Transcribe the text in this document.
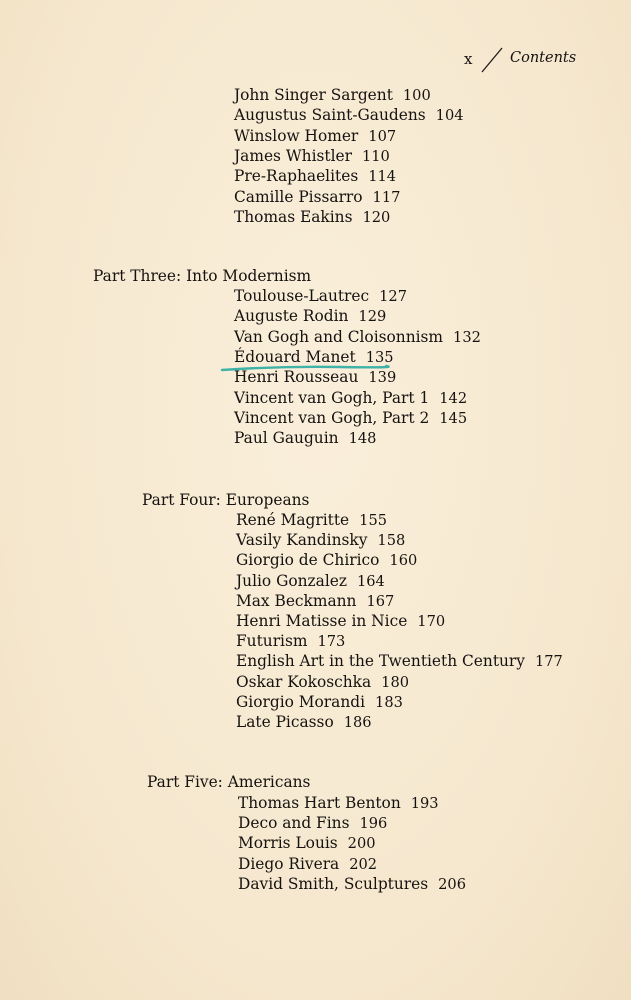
x	Contents
John Singer Sargent 100
Augustus Saint-Gaudens 104
Winslow Homer 107
James Whistler 110
Pre-Raphaelites 114
Camille Pissarro 117
Thomas Eakins 120
Part Three: Into Modernism
Toulouse-Lautrec 127
Auguste Rodin 129
Van Gogh and Cloisonnism 132
Édouard Manet 135
Henri Rousseau 139
Vincent van Gogh, Part 1 142
Vincent van Gogh, Part 2 145
Paul Gauguin 148
Part Four: Europeans
René Magritte 155
Vasily Kandinsky 158
Giorgio de Chirico 160
Julio Gonzalez 164
Max Beckmann 167
Henri Matisse in Nice 170
Futurism 173
English Art in the Twentieth Century 177
Oskar Kokoschka 180
Giorgio Morandi 183
Late Picasso 186
Part Five: Americans
Thomas Hart Benton 193
Deco and Fins 196
Morris Louis 200
Diego Rivera 202
David Smith, Sculptures 206
